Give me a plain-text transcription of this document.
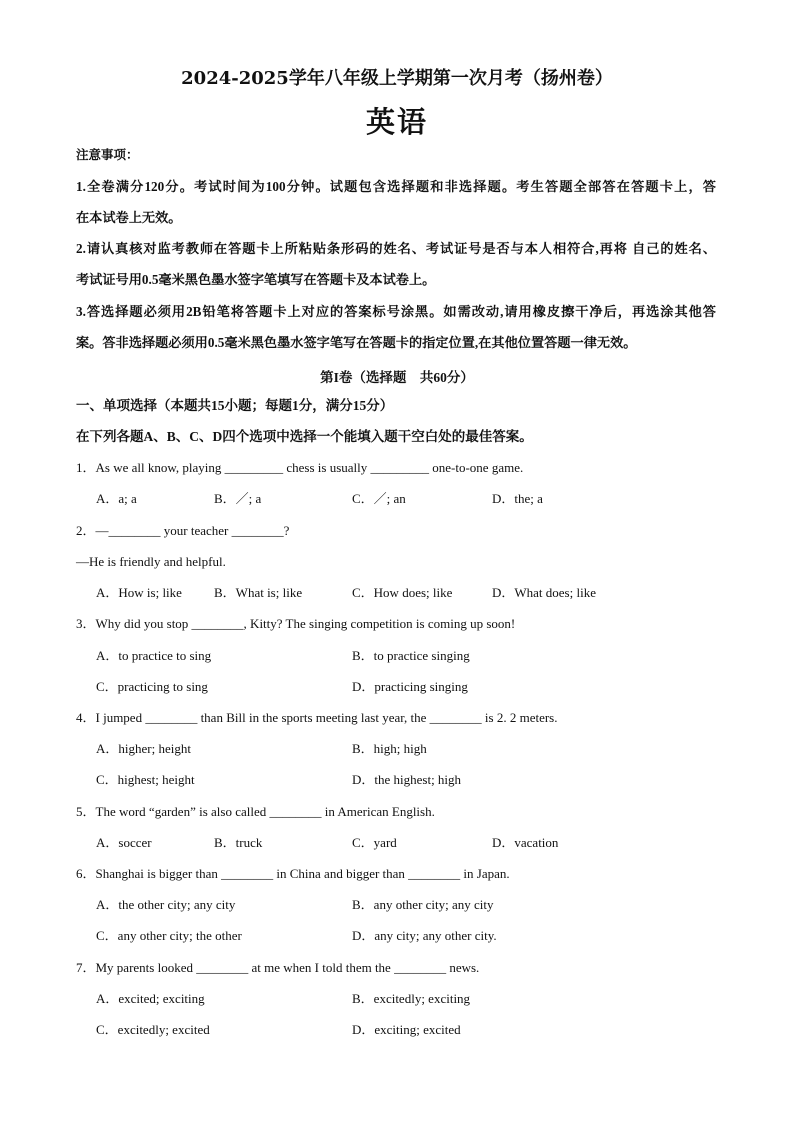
2024-2025学年八年级上学期第一次月考（扬州卷）
英语
注意事项：
1.全卷满分120分。考试时间为100分钟。试题包含选择题和非选择题。考生答题全部答在答题卡上，答
在本试卷上无效。
2.请认真核对监考教师在答题卡上所粘贴条形码的姓名、考试证号是否与本人相符合,再将 自己的姓名、
考试证号用0.5毫米黑色墨水签字笔填写在答题卡及本试卷上。
3.答选择题必须用2B铅笔将答题卡上对应的答案标号涂黑。如需改动,请用橡皮擦干净后，再选涂其他答
案。答非选择题必须用0.5毫米黑色墨水签字笔写在答题卡的指定位置,在其他位置答题一律无效。
第I卷（选择题　共60分）
一、单项选择（本题共15小题；每题1分，满分15分）
在下列各题A、B、C、D四个选项中选择一个能填入题干空白处的最佳答案。
1．As we all know, playing _________ chess is usually _________ one-to-one game.
A．a; a	B．／; a	C．／; an	D．the; a
2．—________ your teacher ________?
—He is friendly and helpful.
A．How is; like B．What is; like	C．How does; like	D．What does; like
3．Why did you stop ________, Kitty? The singing competition is coming up soon!
A．to practice to sing	B．to practice singing
C．practicing to sing	D．practicing singing
4．I jumped ________ than Bill in the sports meeting last year, the ________ is 2. 2 meters.
A．higher; height	B．high; high
C．highest; height	D．the highest; high
5．The word “garden” is also called ________ in American English.
A．soccer	B．truck	C．yard	D．vacation
6．Shanghai is bigger than ________ in China and bigger than ________ in Japan.
A．the other city; any city	B．any other city; any city
C．any other city; the other	D．any city; any other city.
7．My parents looked ________ at me when I told them the ________ news.
A．excited; exciting	B．excitedly; exciting
C．excitedly; excited	D．exciting; excited
